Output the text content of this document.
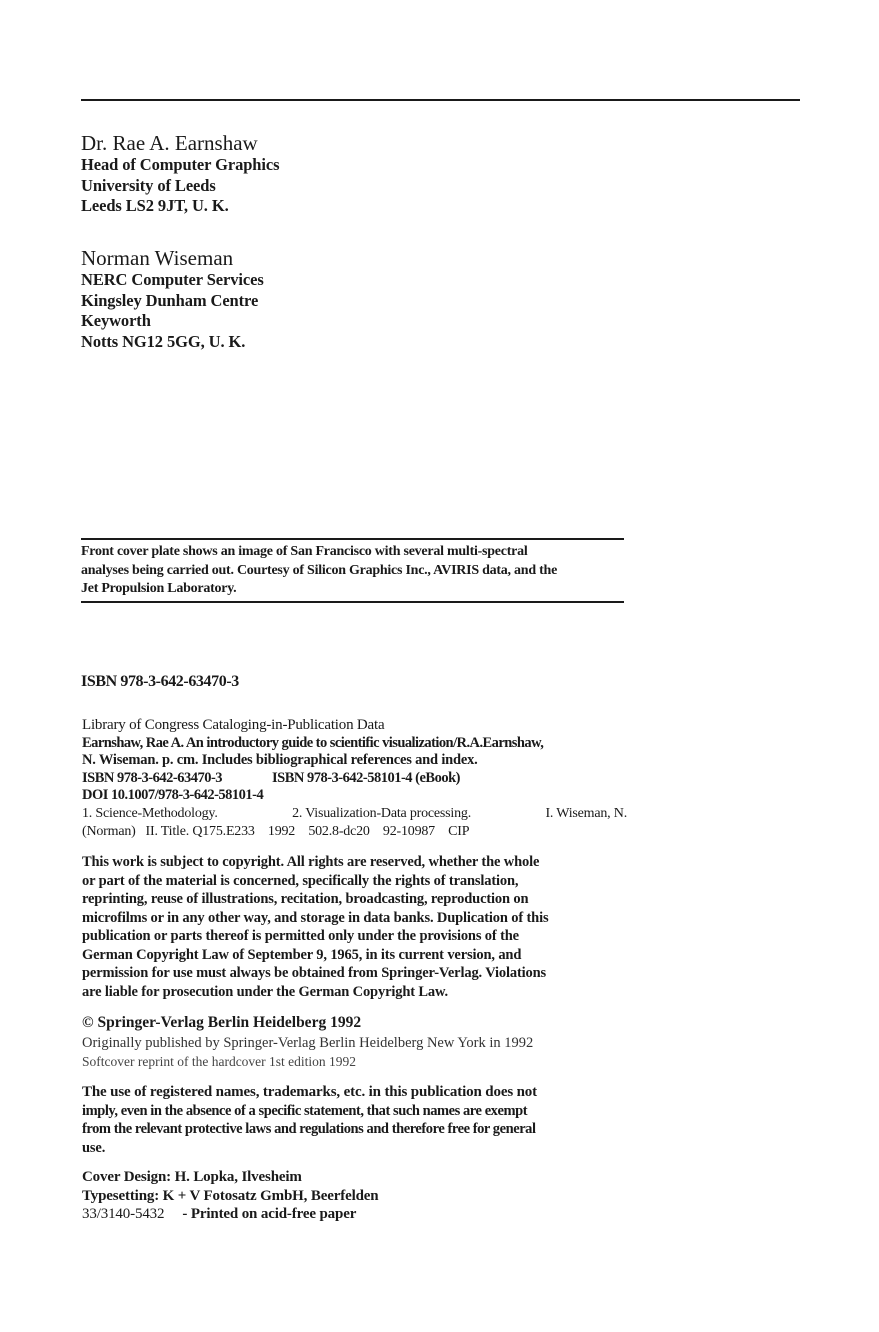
Dr. Rae A. Earnshaw
Head of Computer Graphics
University of Leeds
Leeds LS2 9JT, U. K.
Norman Wiseman
NERC Computer Services
Kingsley Dunham Centre
Keyworth
Notts NG12 5GG, U. K.
Front cover plate shows an image of San Francisco with several multi-spectral
analyses being carried out. Courtesy of Silicon Graphics Inc., AVIRIS data, and the
Jet Propulsion Laboratory.
ISBN 978-3-642-63470-3
Library of Congress Cataloging-in-Publication Data
Earnshaw, Rae A. An introductory guide to scientific visualization/R.A.Earnshaw,
N. Wiseman. p. cm. Includes bibliographical references and index.
ISBN 978-3-642-63470-3	ISBN 978-3-642-58101-4 (eBook)
DOI 10.1007/978-3-642-58101-4
1. Science-Methodology.	2. Visualization-Data processing.	I. Wiseman, N.
(Norman) II. Title. Q175.E233 1992 502.8-dc20 92-10987 CIP
This work is subject to copyright. All rights are reserved, whether the whole
or part of the material is concerned, specifically the rights of translation,
reprinting, reuse of illustrations, recitation, broadcasting, reproduction on
microfilms or in any other way, and storage in data banks. Duplication of this
publication or parts thereof is permitted only under the provisions of the
German Copyright Law of September 9, 1965, in its current version, and
permission for use must always be obtained from Springer-Verlag. Violations
are liable for prosecution under the German Copyright Law.
© Springer-Verlag Berlin Heidelberg 1992
Originally published by Springer-Verlag Berlin Heidelberg New York in 1992
Softcover reprint of the hardcover 1st edition 1992
The use of registered names, trademarks, etc. in this publication does not
imply, even in the absence of a specific statement, that such names are exempt
from the relevant protective laws and regulations and therefore free for general
use.
Cover Design: H. Lopka, Ilvesheim
Typesetting: K + V Fotosatz GmbH, Beerfelden
33/3140-5432 - Printed on acid-free paper
